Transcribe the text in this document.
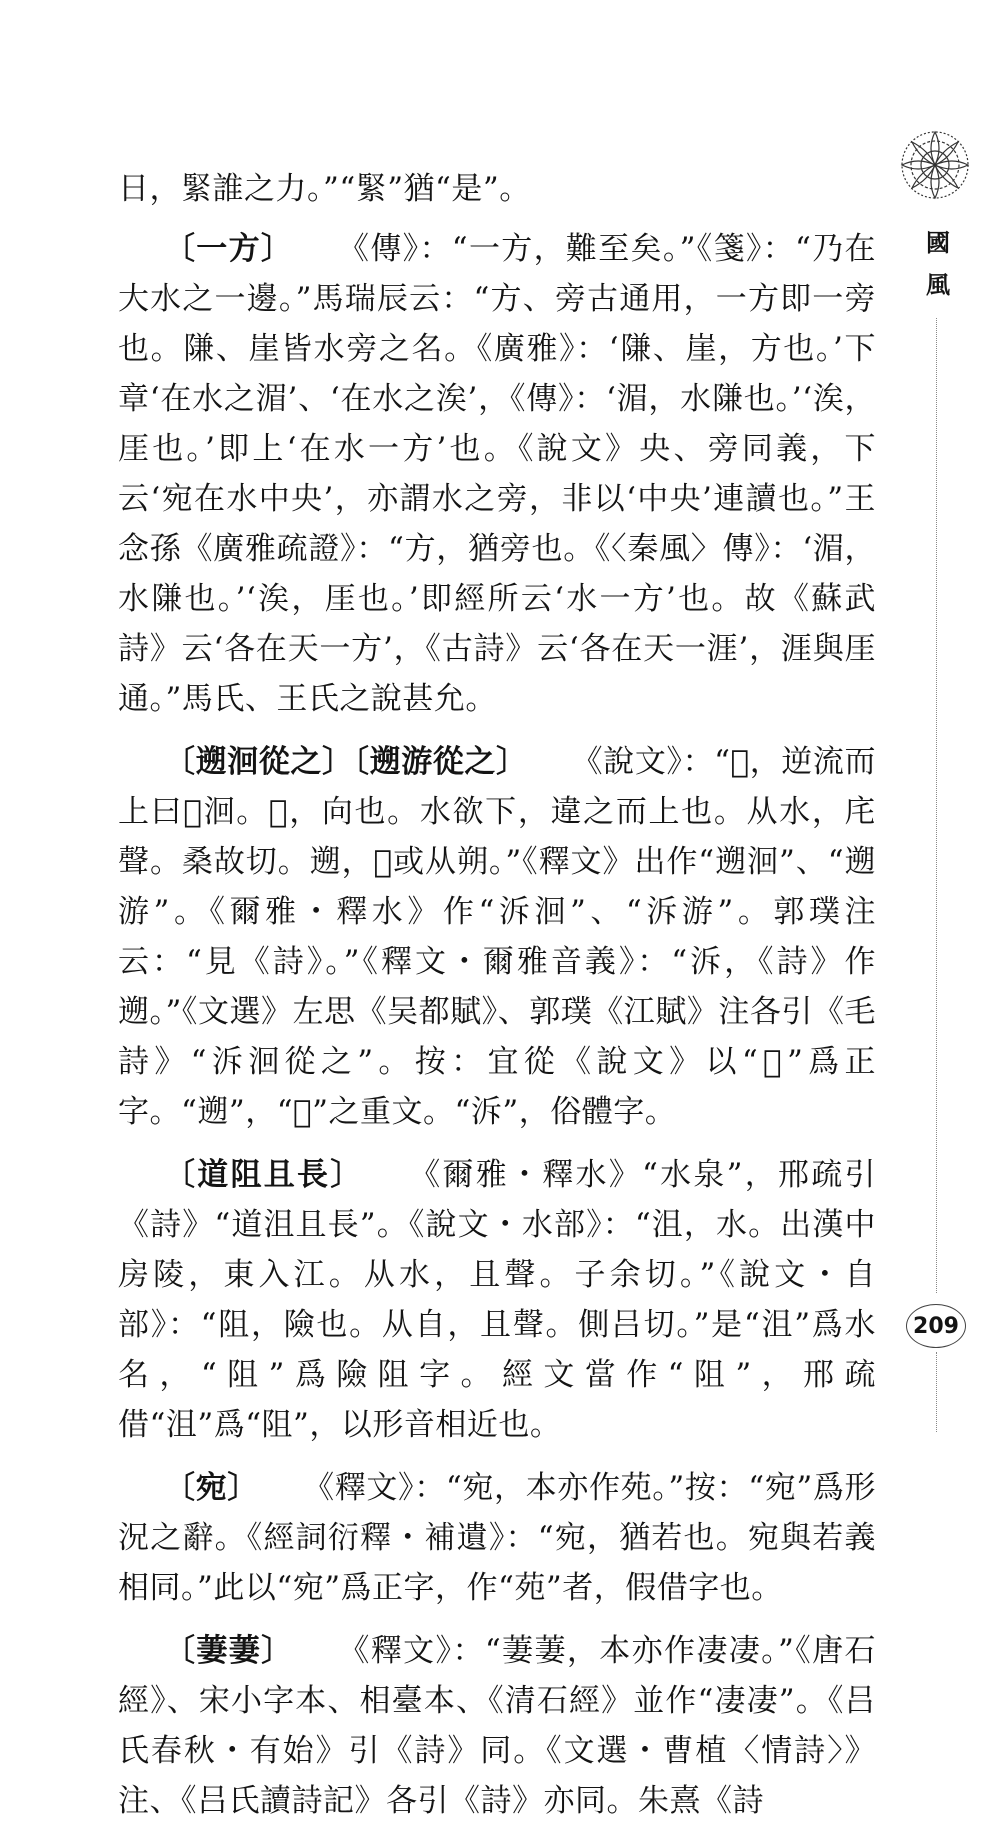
國風
209

日，緊誰之力。”“緊”猶“是”。

〔一方〕 《傳》：“一方，難至矣。”《箋》：“乃在大水之一邊。”馬瑞辰云：“方、旁古通用，一方即一旁也。隒、崖皆水旁之名。《廣雅》：‘隒、崖，方也。’下章‘在水之湄’、‘在水之涘’，《傳》：‘湄，水隒也。’‘涘，厓也。’即上‘在水一方’也。《說文》央、旁同義，下云‘宛在水中央’，亦謂水之旁，非以‘中央’連讀也。”王念孫《廣雅疏證》：“方，猶旁也。《〈秦風〉傳》：‘湄，水隒也。’‘涘，厓也。’即經所云‘水一方’也。故《蘇武詩》云‘各在天一方’，《古詩》云‘各在天一涯’，涯與厓通。”馬氏、王氏之說甚允。

〔遡洄從之〕〔遡游從之〕 《說文》：“𣳚，逆流而上曰𣳚洄。𣳚，向也。水欲下，違之而上也。从水，㡯聲。桑故切。遡，𣳚或从朔。”《釋文》出作“遡洄”、“遡游”。《爾雅・釋水》作“泝洄”、“泝游”。郭璞注云：“見《詩》。”《釋文・爾雅音義》：“泝，《詩》作遡。”《文選》左思《吴都賦》、郭璞《江賦》注各引《毛詩》“泝洄從之”。按：宜從《說文》以“𣳚”爲正字。“遡”，“𣳚”之重文。“泝”，俗體字。

〔道阻且長〕 《爾雅・釋水》“水泉”，邢疏引《詩》“道沮且長”。《說文・水部》：“沮，水。出漢中房陵，東入江。从水，且聲。子余切。”《說文・自部》：“阻，險也。从自，且聲。側吕切。”是“沮”爲水名，“阻”爲險阻字。經文當作“阻”，邢疏借“沮”爲“阻”，以形音相近也。

〔宛〕 《釋文》：“宛，本亦作苑。”按：“宛”爲形況之辭。《經詞衍釋・補遺》：“宛，猶若也。宛與若義相同。”此以“宛”爲正字，作“苑”者，假借字也。

〔萋萋〕 《釋文》：“萋萋，本亦作凄凄。”《唐石經》、宋小字本、相臺本、《清石經》並作“凄凄”。《吕氏春秋・有始》引《詩》同。《文選・曹植〈情詩〉》注、《吕氏讀詩記》各引《詩》亦同。朱熹《詩
